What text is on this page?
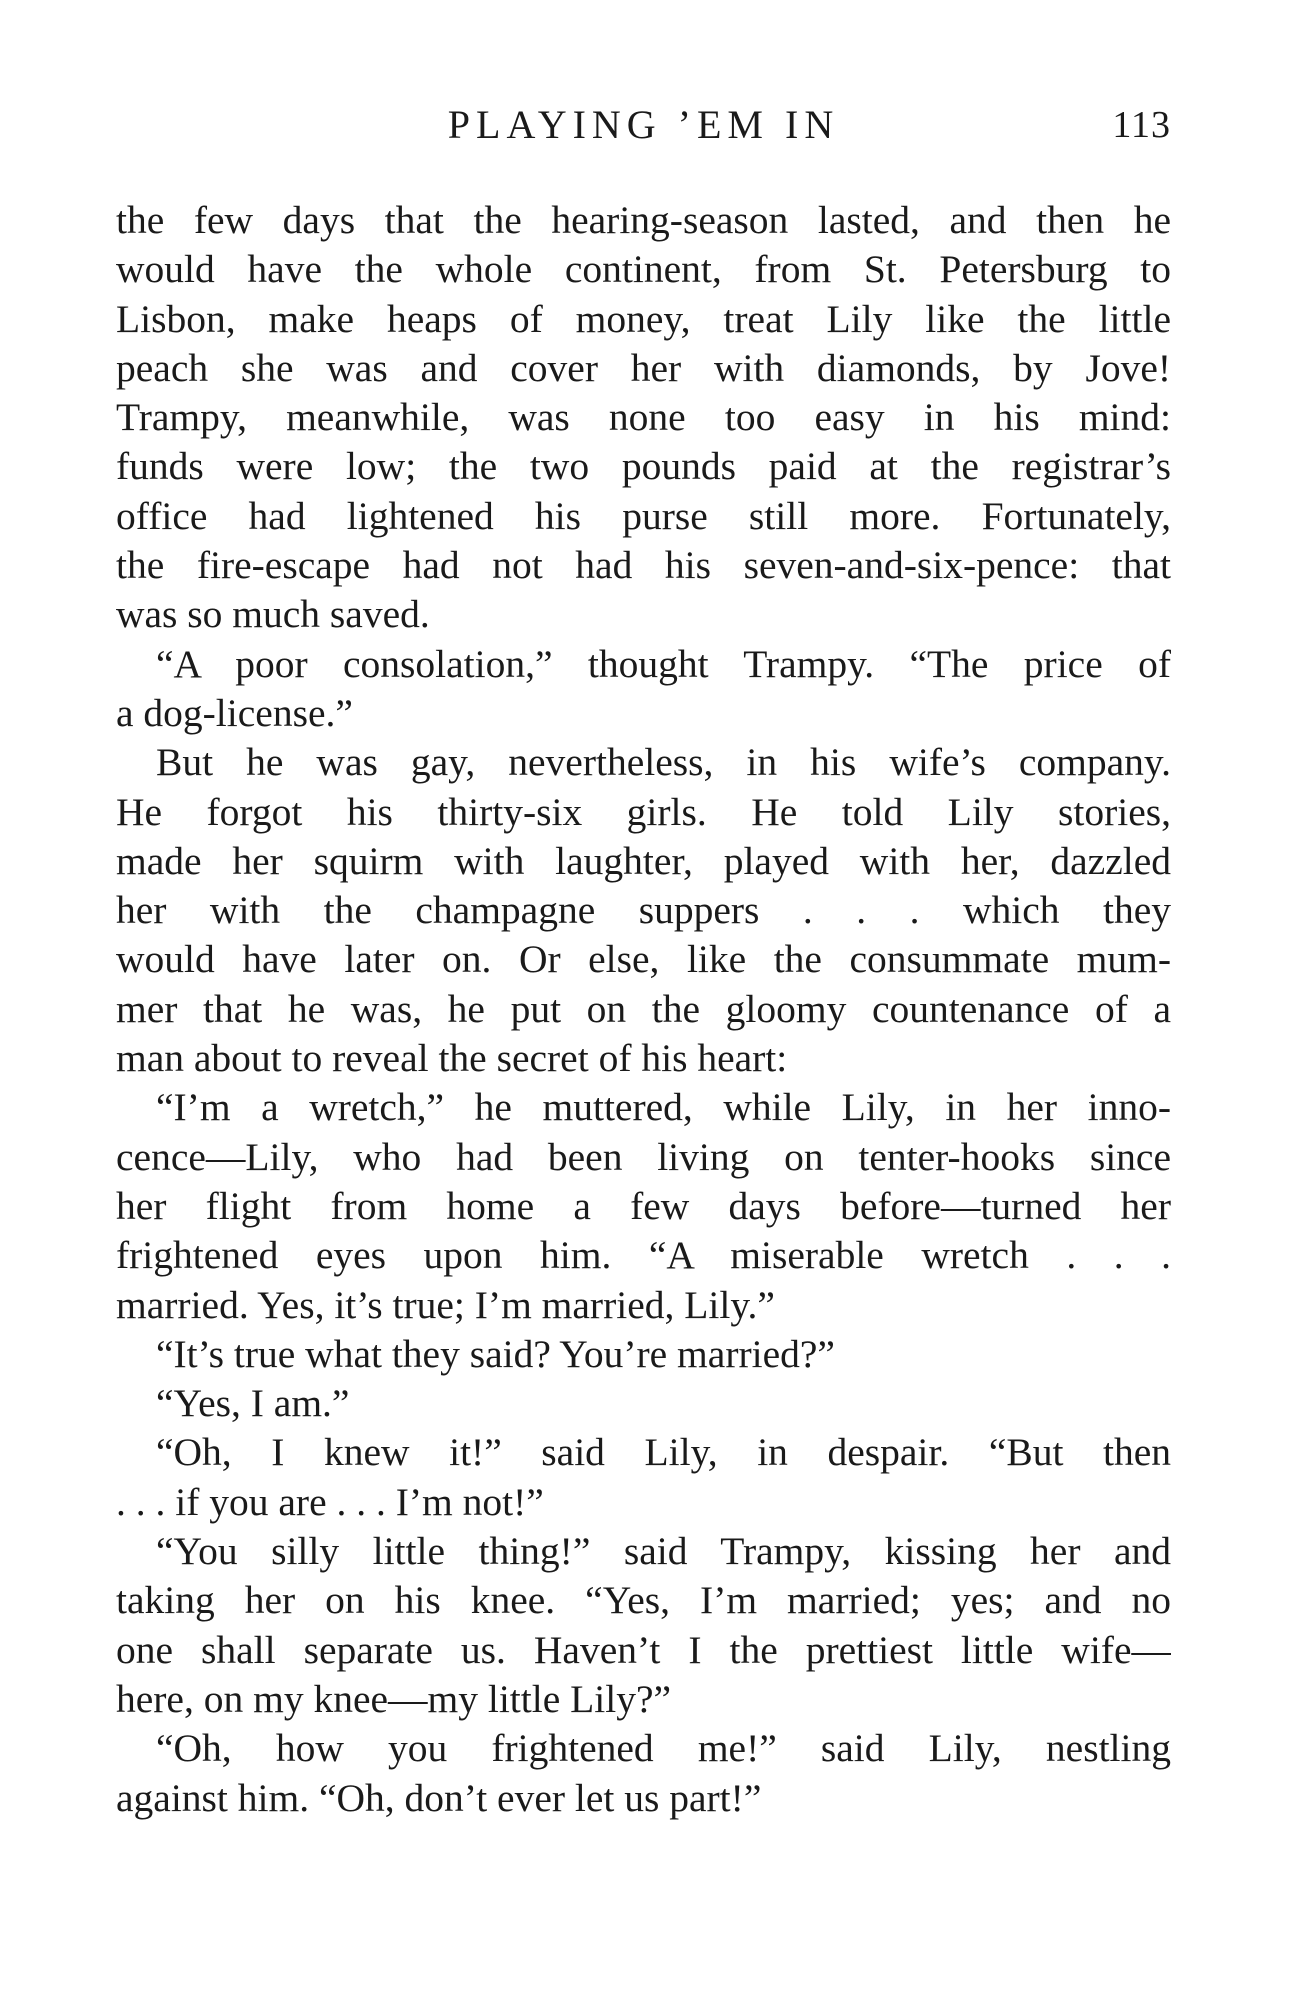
PLAYING ’EM IN	113
the few days that the hearing-season lasted, and then he
would have the whole continent, from St. Petersburg to
Lisbon, make heaps of money, treat Lily like the little
peach she was and cover her with diamonds, by Jove!
Trampy, meanwhile, was none too easy in his mind:
funds were low; the two pounds paid at the registrar’s
office had lightened his purse still more. Fortunately,
the fire-escape had not had his seven-and-six-pence: that
was so much saved.
“A poor consolation,” thought Trampy. “The price of
a dog-license.”
But he was gay, nevertheless, in his wife’s company.
He forgot his thirty-six girls. He told Lily stories,
made her squirm with laughter, played with her, dazzled
her with the champagne suppers . . . which they
would have later on. Or else, like the consummate mum-
mer that he was, he put on the gloomy countenance of a
man about to reveal the secret of his heart:
“I’m a wretch,” he muttered, while Lily, in her inno-
cence—Lily, who had been living on tenter-hooks since
her flight from home a few days before—turned her
frightened eyes upon him. “A miserable wretch . . .
married. Yes, it’s true; I’m married, Lily.”
“It’s true what they said? You’re married?”
“Yes, I am.”
“Oh, I knew it!” said Lily, in despair. “But then
. . . if you are . . . I’m not!”
“You silly little thing!” said Trampy, kissing her and
taking her on his knee. “Yes, I’m married; yes; and no
one shall separate us. Haven’t I the prettiest little wife—
here, on my knee—my little Lily?”
“Oh, how you frightened me!” said Lily, nestling
against him. “Oh, don’t ever let us part!”
